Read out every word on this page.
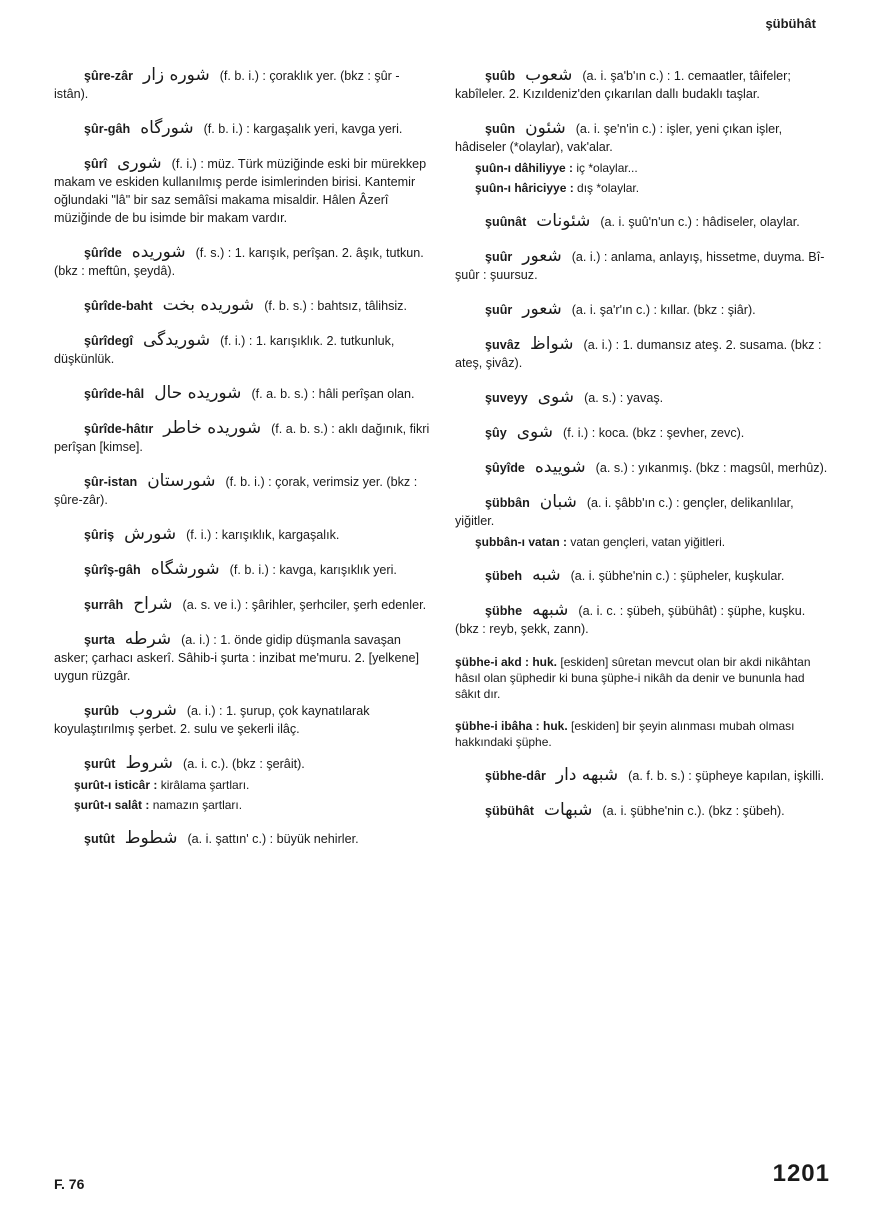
şübühât

şûre-zâr شوره زار (f. b. i.) : çoraklık yer. (bkz : şûr - istân).

şûr-gâh شورگاه (f. b. i.) : kargaşalık yeri, kavga yeri.

şûrî شوری (f. i.) : müz. Türk müziğinde eski bir mürekkep makam ve eskiden kullanılmış perde isimlerinden birisi. Kantemir oğlundaki "lâ" bir saz semâîsi makama misaldir. Hâlen Âzerî müziğinde de bu isimde bir makam vardır.

şûrîde شوریده (f. s.) : 1. karışık, perîşan. 2. âşık, tutkun. (bkz : meftûn, şeydâ).

şûrîde-baht شوریده بخت (f. b. s.) : bahtsız, tâlihsiz.

şûrîdegî شوریدگی (f. i.) : 1. karışıklık. 2. tutkunluk, düşkünlük.

şûrîde-hâl شوریده حال (f. a. b. s.) : hâli perîşan olan.

şûrîde-hâtır شوریده خاطر (f. a. b. s.) : aklı dağınık, fikri perîşan [kimse].

şûr-istan شورستان (f. b. i.) : çorak, verimsiz yer. (bkz : şûre-zâr).

şûriş شورش (f. i.) : karışıklık, kargaşalık.

şûrîş-gâh شورشگاه (f. b. i.) : kavga, karışıklık yeri.

şurrâh شراح (a. s. ve i.) : şârihler, şerhciler, şerh edenler.

şurta شرطه (a. i.) : 1. önde gidip düşmanla savaşan asker; çarhacı askerî. Sâhib-i şurta : inzibat me'muru. 2. [yelkene] uygun rüzgâr.

şurûb شروب (a. i.) : 1. şurup, çok kaynatılarak koyulaştırılmış şerbet. 2. sulu ve şekerli ilâç.

şurût شروط (a. i. c.). (bkz : şerâit).

şurût-ı isticâr : kirâlama şartları.

şurût-ı salât : namazın şartları.

şutût شطوط (a. i. şattın' c.) : büyük nehirler.

şuûb شعوب (a. i. şa'b'ın c.) : 1. cemaatler, tâifeler; kabîleler. 2. Kızıldeniz'den çıkarılan dallı budaklı taşlar.

şuûn شئون (a. i. şe'n'in c.) : işler, yeni çıkan işler, hâdiseler (*olaylar), vak'alar.

şuûn-ı dâhiliyye : iç *olaylar...

şuûn-ı hâriciyye : dış *olaylar.

şuûnât شئونات (a. i. şuû'n'un c.) : hâdiseler, olaylar.

şuûr شعور (a. i.) : anlama, anlayış, hissetme, duyma. Bî-şuûr : şuursuz.

şuûr شعور (a. i. şa'r'ın c.) : kıllar. (bkz : şiâr).

şuvâz شواظ (a. i.) : 1. dumansız ateş. 2. susama. (bkz : ateş, şivâz).

şuveyy شوی (a. s.) : yavaş.

şûy شوی (f. i.) : koca. (bkz : şevher, zevc).

şûyîde شوییده (a. s.) : yıkanmış. (bkz : magsûl, merhûz).

şübbân شبان (a. i. şâbb'ın c.) : gençler, delikanlılar, yiğitler.

şubbân-ı vatan : vatan gençleri, vatan yiğitleri.

şübeh شبه (a. i. şübhe'nin c.) : şüpheler, kuşkular.

şübhe شبهه (a. i. c. : şübeh, şübühât) : şüphe, kuşku. (bkz : reyb, şekk, zann).

şübhe-i akd : huk. [eskiden] sûretan mevcut olan bir akdi nikâhtan hâsıl olan şüphedir ki buna şüphe-i nikâh da denir ve bununla had sâkıt dır.

şübhe-i ibâha : huk. [eskiden] bir şeyin alınması mubah olması hakkındaki şüphe.

şübhe-dâr شبهه دار (a. f. b. s.) : şüpheye kapılan, işkilli.

şübühât شبهات (a. i. şübhe'nin c.). (bkz : şübeh).

F. 76	1201
